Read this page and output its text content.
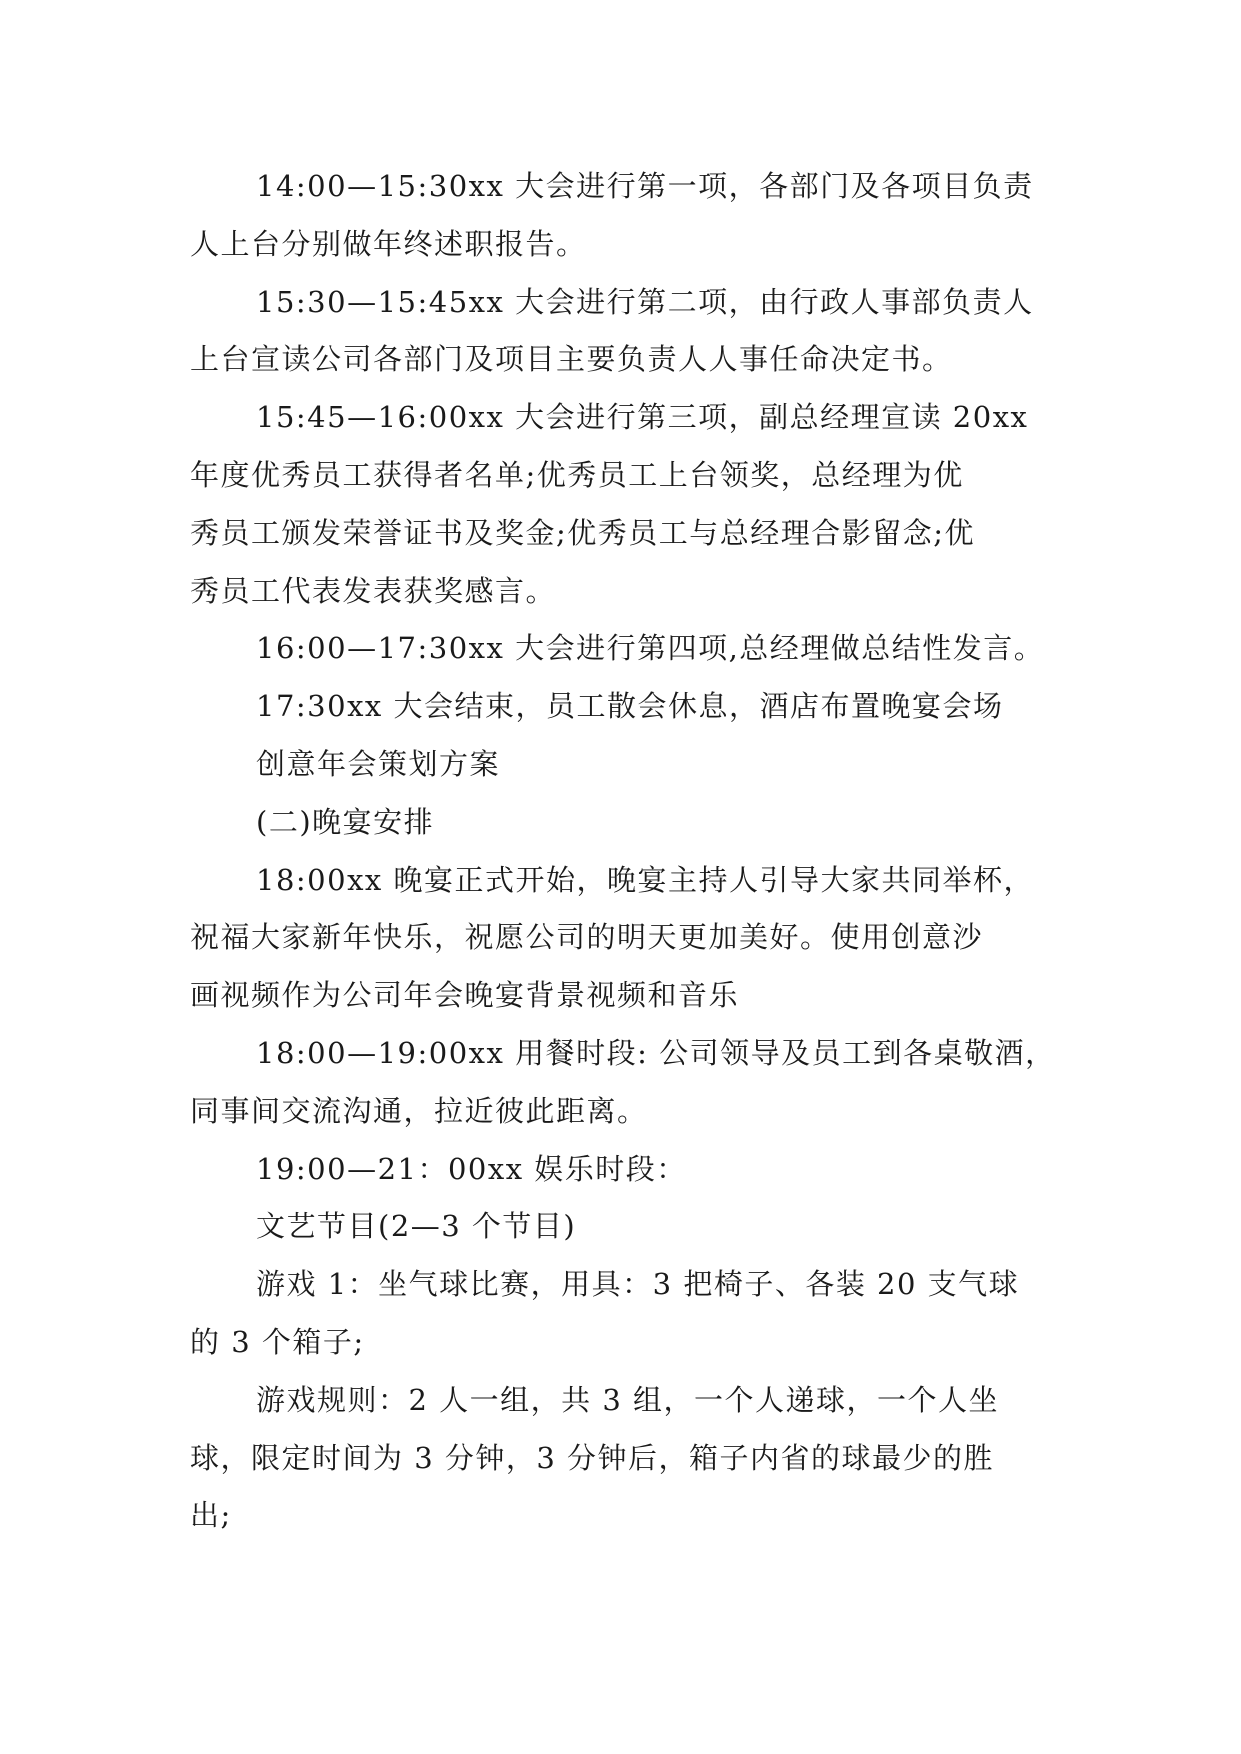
14:00—15:30xx 大会进行第一项，各部门及各项目负责
人上台分别做年终述职报告。

15:30—15:45xx 大会进行第二项，由行政人事部负责人
上台宣读公司各部门及项目主要负责人人事任命决定书。

15:45—16:00xx 大会进行第三项，副总经理宣读 20xx
年度优秀员工获得者名单;优秀员工上台领奖，总经理为优
秀员工颁发荣誉证书及奖金;优秀员工与总经理合影留念;优
秀员工代表发表获奖感言。

16:00—17:30xx 大会进行第四项,总经理做总结性发言。

17:30xx 大会结束，员工散会休息，酒店布置晚宴会场

创意年会策划方案

(二)晚宴安排

18:00xx 晚宴正式开始，晚宴主持人引导大家共同举杯，
祝福大家新年快乐，祝愿公司的明天更加美好。使用创意沙
画视频作为公司年会晚宴背景视频和音乐

18:00—19:00xx 用餐时段: 公司领导及员工到各桌敬酒，
同事间交流沟通，拉近彼此距离。

19:00—21：00xx 娱乐时段：

文艺节目(2—3 个节目)

游戏 1：坐气球比赛，用具：3 把椅子、各装 20 支气球
的 3 个箱子;

游戏规则：2 人一组，共 3 组，一个人递球，一个人坐
球，限定时间为 3 分钟，3 分钟后，箱子内省的球最少的胜
出;
